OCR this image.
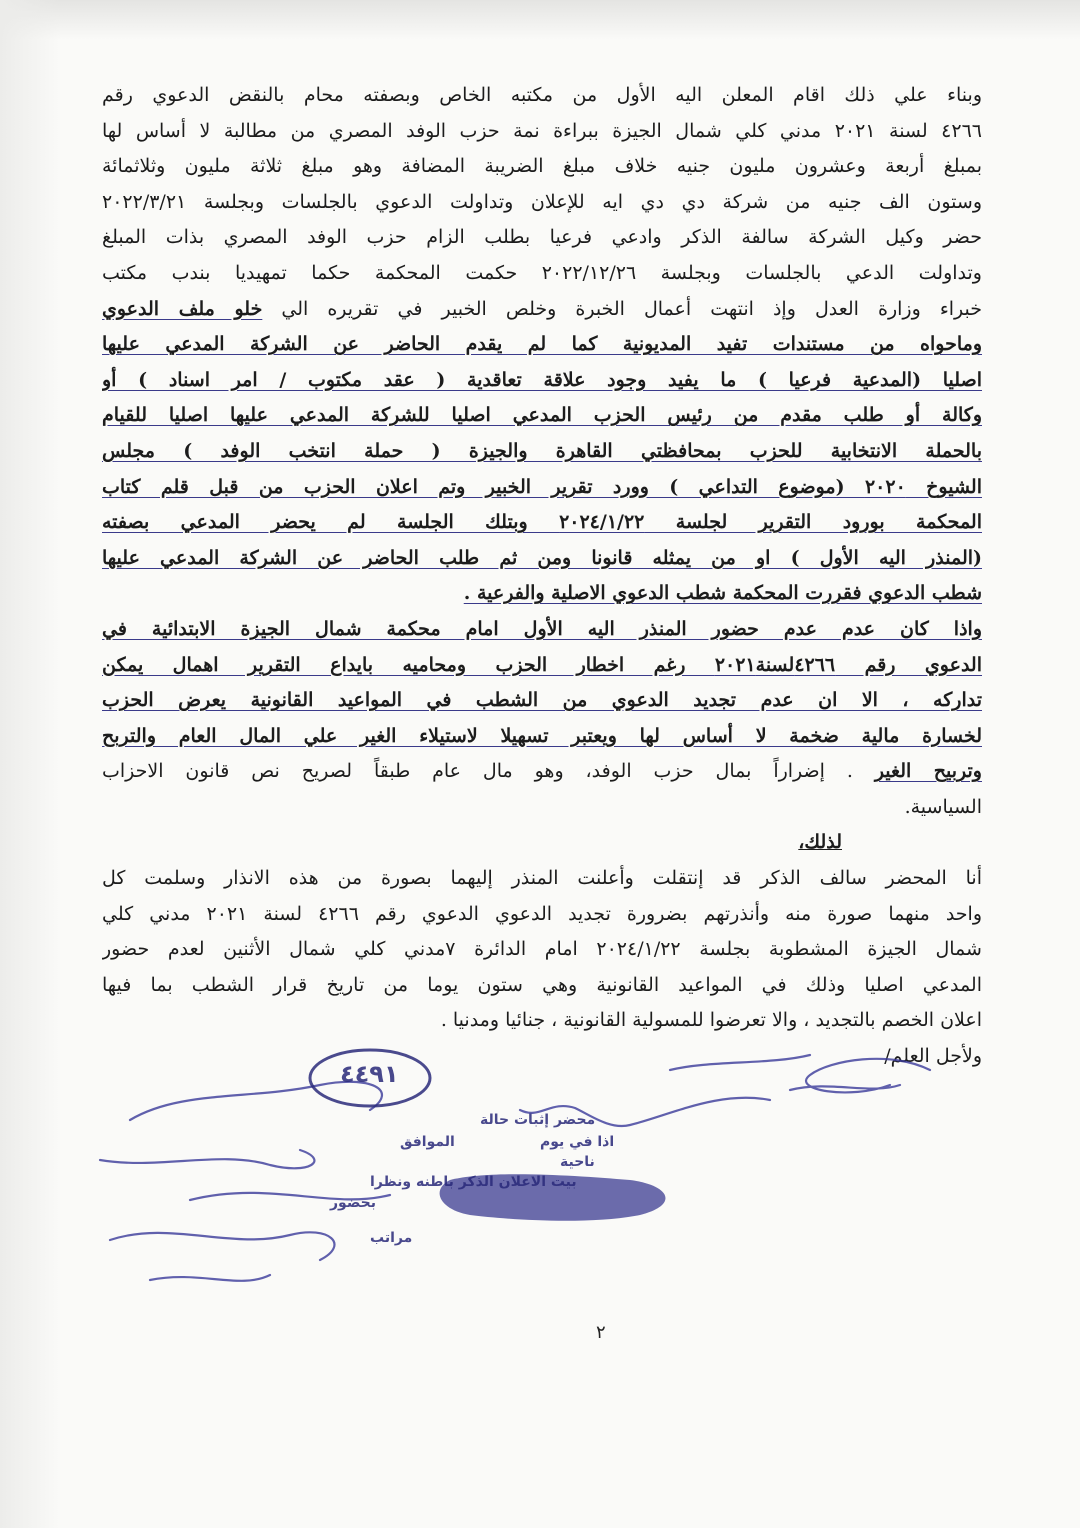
وبناء علي ذلك اقام المعلن اليه الأول من مكتبه الخاص وبصفته محام بالنقض الدعوي رقم
٤٢٦٦ لسنة ٢٠٢١ مدني كلي شمال الجيزة ببراءة نمة حزب الوفد المصري من مطالبة لا أساس لها
بمبلغ أربعة وعشرون مليون جنيه خلاف مبلغ الضريبة المضافة وهو مبلغ ثلاثة مليون وثلاثمائة
وستون الف جنيه من شركة دي دي ايه للإعلان وتداولت الدعوي بالجلسات وبجلسة ٢٠٢٢/٣/٢١
حضر وكيل الشركة سالفة الذكر وادعي فرعيا بطلب الزام حزب الوفد المصري بذات المبلغ
وتداولت الدعي بالجلسات وبجلسة ٢٠٢٢/١٢/٢٦ حكمت المحكمة حكما تمهيديا بندب مكتب
خبراء وزارة العدل وإذ انتهت أعمال الخبرة وخلص الخبير في تقريره الي خلو ملف الدعوي
وماحواه من مستندات تفيد المديونية كما لم يقدم الحاضر عن الشركة المدعي عليها
اصليا (المدعية فرعيا ) ما يفيد وجود علاقة تعاقدية ( عقد مكتوب / امر اسناد ) أو
وكالة أو طلب مقدم من رئيس الحزب المدعي اصليا للشركة المدعي عليها اصليا للقيام
بالحملة الانتخابية للحزب بمحافظتي القاهرة والجيزة ( حملة انتخب الوفد ) مجلس
الشيوخ ٢٠٢٠ (موضوع التداعي ) وورد تقرير الخبير وتم اعلان الحزب من قبل قلم كتاب
المحكمة بورود التقرير لجلسة ٢٠٢٤/١/٢٢ وبتلك الجلسة لم يحضر المدعي بصفته
(المنذر اليه الأول ) او من يمثله قانونا ومن ثم طلب الحاضر عن الشركة المدعي عليها
شطب الدعوي فقررت المحكمة شطب الدعوي الاصلية والفرعية .
واذا كان عدم عدم حضور المنذر اليه الأول امام محكمة شمال الجيزة الابتدائية في
الدعوي رقم ٤٢٦٦لسنة٢٠٢١ رغم اخطار الحزب ومحاميه بايداع التقرير اهمال يمكن
تداركه ، الا ان عدم تجديد الدعوي من الشطب في المواعيد القانونية يعرض الحزب
لخسارة مالية ضخمة لا أساس لها ويعتبر تسهيلا لاستيلاء الغير علي المال العام والتربح
وتربيح الغير . إضراراً بمال حزب الوفد، وهو مال عام طبقاً لصريح نص قانون الاحزاب
السياسية.
لذلك،
أنا المحضر سالف الذكر قد إنتقلت وأعلنت المنذر إليهما بصورة من هذه الانذار وسلمت كل
واحد منهما صورة منه وأنذرتهم بضرورة تجديد الدعوي الدعوي رقم ٤٢٦٦ لسنة ٢٠٢١ مدني كلي
شمال الجيزة المشطوبة بجلسة ٢٠٢٤/١/٢٢ امام الدائرة ٧مدني كلي شمال الأثنين لعدم حضور
المدعي اصليا وذلك في المواعيد القانونية وهي ستون يوما من تاريخ قرار الشطب بما فيها
اعلان الخصم بالتجديد ، والا تعرضوا للمسولية القانونية ، جنائيا ومدنيا .
ولأجل العلم/
٤٤٩١
محضر إثبات حالة
اذا في يوم
الموافق
ناحية
بيت الاعلان الذكر باطنه ونظرا
بحضور
مراتب
٢
